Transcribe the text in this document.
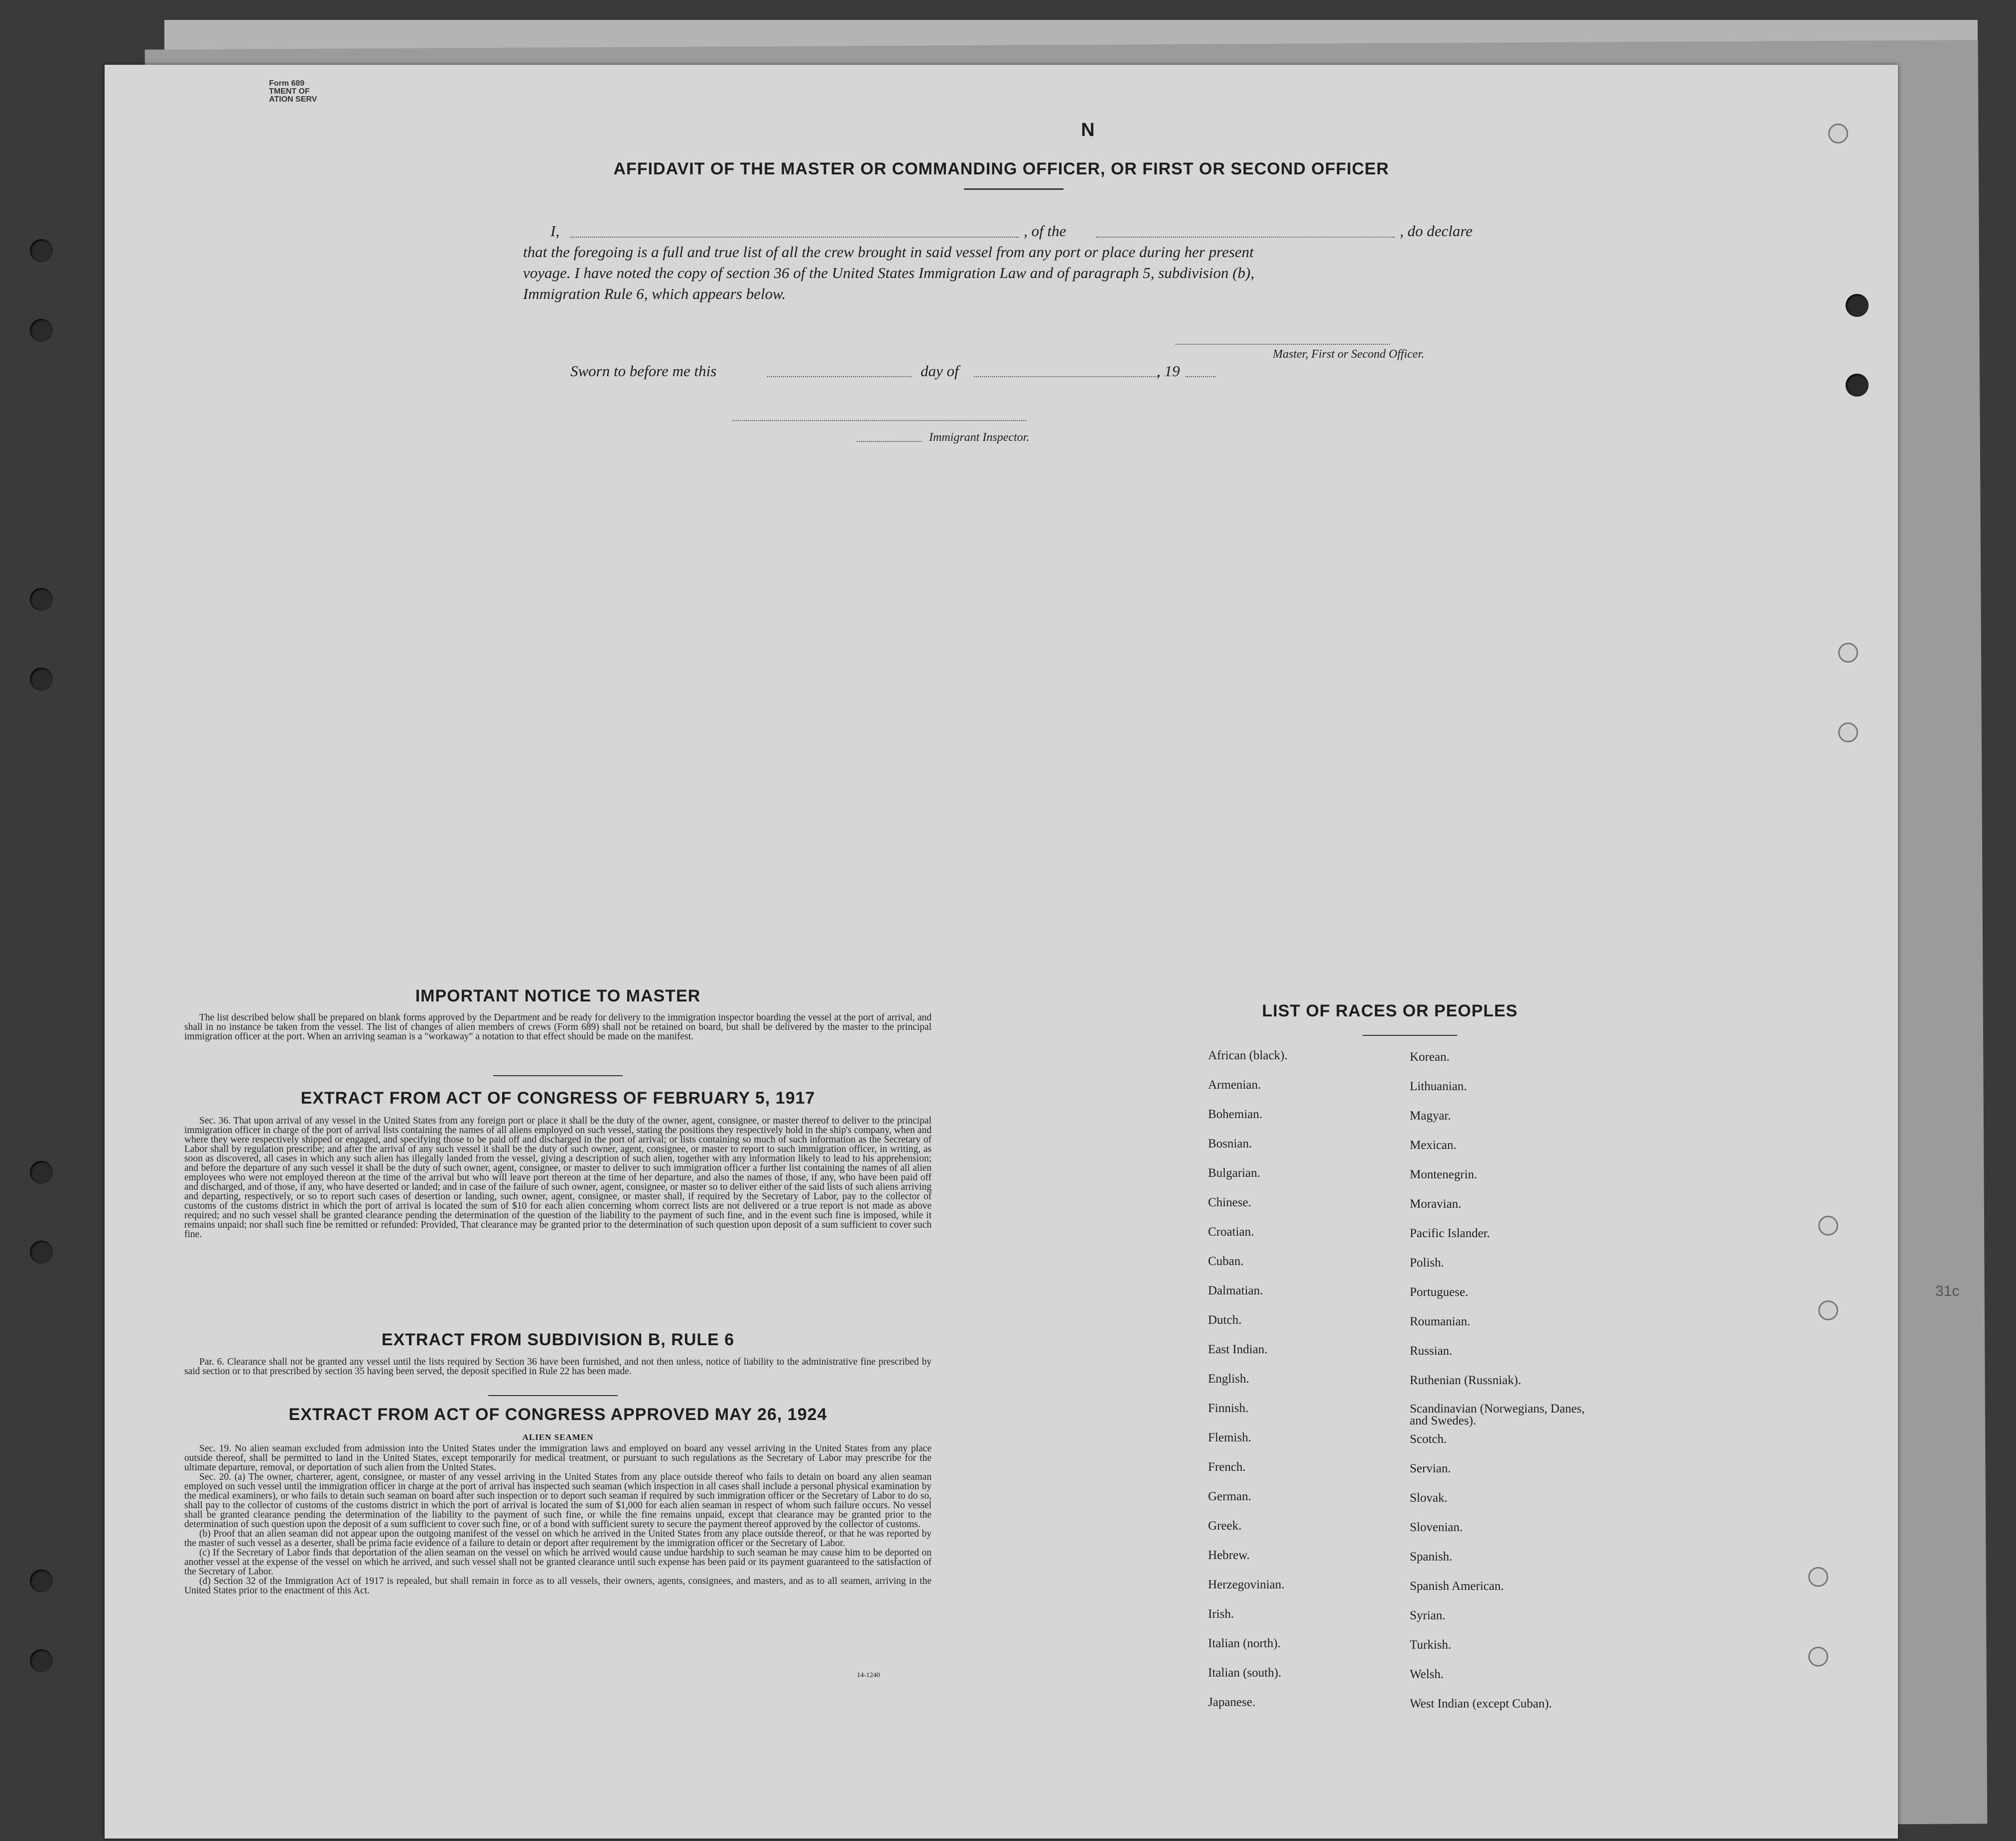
Form 689
TMENT OF
ATION SERV
N
AFFIDAVIT OF THE MASTER OR COMMANDING OFFICER, OR FIRST OR SECOND OFFICER
I,	, of the	, do declare
that the foregoing is a full and true list of all the crew brought in said vessel from any port or place during her present
voyage. I have noted the copy of section 36 of the United States Immigration Law and of paragraph 5, subdivision (b),
Immigration Rule 6, which appears below.
Master, First or Second Officer.
Sworn to before me this	day of	, 19
Immigrant Inspector.
IMPORTANT NOTICE TO MASTER

The list described below shall be prepared on blank forms approved by the Department and be ready for delivery to the immigration inspector boarding the vessel at the port of arrival, and shall in no instance be taken from the vessel. The list of changes of alien members of crews (Form 689) shall not be retained on board, but shall be delivered by the master to the principal immigration officer at the port. When an arriving seaman is a "workaway" a notation to that effect should be made on the manifest.

EXTRACT FROM ACT OF CONGRESS OF FEBRUARY 5, 1917

Sec. 36. That upon arrival of any vessel in the United States from any foreign port or place it shall be the duty of the owner, agent, consignee, or master thereof to deliver to the principal immigration officer in charge of the port of arrival lists containing the names of all aliens employed on such vessel, stating the positions they respectively hold in the ship's company, when and where they were respectively shipped or engaged, and specifying those to be paid off and discharged in the port of arrival; or lists containing so much of such information as the Secretary of Labor shall by regulation prescribe; and after the arrival of any such vessel it shall be the duty of such owner, agent, consignee, or master to report to such immigration officer, in writing, as soon as discovered, all cases in which any such alien has illegally landed from the vessel, giving a description of such alien, together with any information likely to lead to his apprehension; and before the departure of any such vessel it shall be the duty of such owner, agent, consignee, or master to deliver to such immigration officer a further list containing the names of all alien employees who were not employed thereon at the time of the arrival but who will leave port thereon at the time of her departure, and also the names of those, if any, who have been paid off and discharged, and of those, if any, who have deserted or landed; and in case of the failure of such owner, agent, consignee, or master so to deliver either of the said lists of such aliens arriving and departing, respectively, or so to report such cases of desertion or landing, such owner, agent, consignee, or master shall, if required by the Secretary of Labor, pay to the collector of customs of the customs district in which the port of arrival is located the sum of $10 for each alien concerning whom correct lists are not delivered or a true report is not made as above required; and no such vessel shall be granted clearance pending the determination of the question of the liability to the payment of such fine, and in the event such fine is imposed, while it remains unpaid; nor shall such fine be remitted or refunded: Provided, That clearance may be granted prior to the determination of such question upon deposit of a sum sufficient to cover such fine.

EXTRACT FROM SUBDIVISION B, RULE 6

Par. 6. Clearance shall not be granted any vessel until the lists required by Section 36 have been furnished, and not then unless, notice of liability to the administrative fine prescribed by said section or to that prescribed by section 35 having been served, the deposit specified in Rule 22 has been made.

EXTRACT FROM ACT OF CONGRESS APPROVED MAY 26, 1924
ALIEN SEAMEN

Sec. 19. No alien seaman excluded from admission into the United States under the immigration laws and employed on board any vessel arriving in the United States from any place outside thereof, shall be permitted to land in the United States, except temporarily for medical treatment, or pursuant to such regulations as the Secretary of Labor may prescribe for the ultimate departure, removal, or deportation of such alien from the United States.

Sec. 20. (a) The owner, charterer, agent, consignee, or master of any vessel arriving in the United States from any place outside thereof who fails to detain on board any alien seaman employed on such vessel until the immigration officer in charge at the port of arrival has inspected such seaman (which inspection in all cases shall include a personal physical examination by the medical examiners), or who fails to detain such seaman on board after such inspection or to deport such seaman if required by such immigration officer or the Secretary of Labor to do so, shall pay to the collector of customs of the customs district in which the port of arrival is located the sum of $1,000 for each alien seaman in respect of whom such failure occurs. No vessel shall be granted clearance pending the determination of the liability to the payment of such fine, or while the fine remains unpaid, except that clearance may be granted prior to the determination of such question upon the deposit of a sum sufficient to cover such fine, or of a bond with sufficient surety to secure the payment thereof approved by the collector of customs.

(b) Proof that an alien seaman did not appear upon the outgoing manifest of the vessel on which he arrived in the United States from any place outside thereof, or that he was reported by the master of such vessel as a deserter, shall be prima facie evidence of a failure to detain or deport after requirement by the immigration officer or the Secretary of Labor.

(c) If the Secretary of Labor finds that deportation of the alien seaman on the vessel on which he arrived would cause undue hardship to such seaman he may cause him to be deported on another vessel at the expense of the vessel on which he arrived, and such vessel shall not be granted clearance until such expense has been paid or its payment guaranteed to the satisfaction of the Secretary of Labor.

(d) Section 32 of the Immigration Act of 1917 is repealed, but shall remain in force as to all vessels, their owners, agents, consignees, and masters, and as to all seamen, arriving in the United States prior to the enactment of this Act.

14-1240
LIST OF RACES OR PEOPLES
African (black).
Armenian.
Bohemian.
Bosnian.
Bulgarian.
Chinese.
Croatian.
Cuban.
Dalmatian.
Dutch.
East Indian.
English.
Finnish.
Flemish.
French.
German.
Greek.
Hebrew.
Herzegovinian.
Irish.
Italian (north).
Italian (south).
Japanese.
Korean.
Lithuanian.
Magyar.
Mexican.
Montenegrin.
Moravian.
Pacific Islander.
Polish.
Portuguese.
Roumanian.
Russian.
Ruthenian (Russniak).
Scandinavian (Norwegians, Danes, and Swedes).
Scotch.
Servian.
Slovak.
Slovenian.
Spanish.
Spanish American.
Syrian.
Turkish.
Welsh.
West Indian (except Cuban).
31c
